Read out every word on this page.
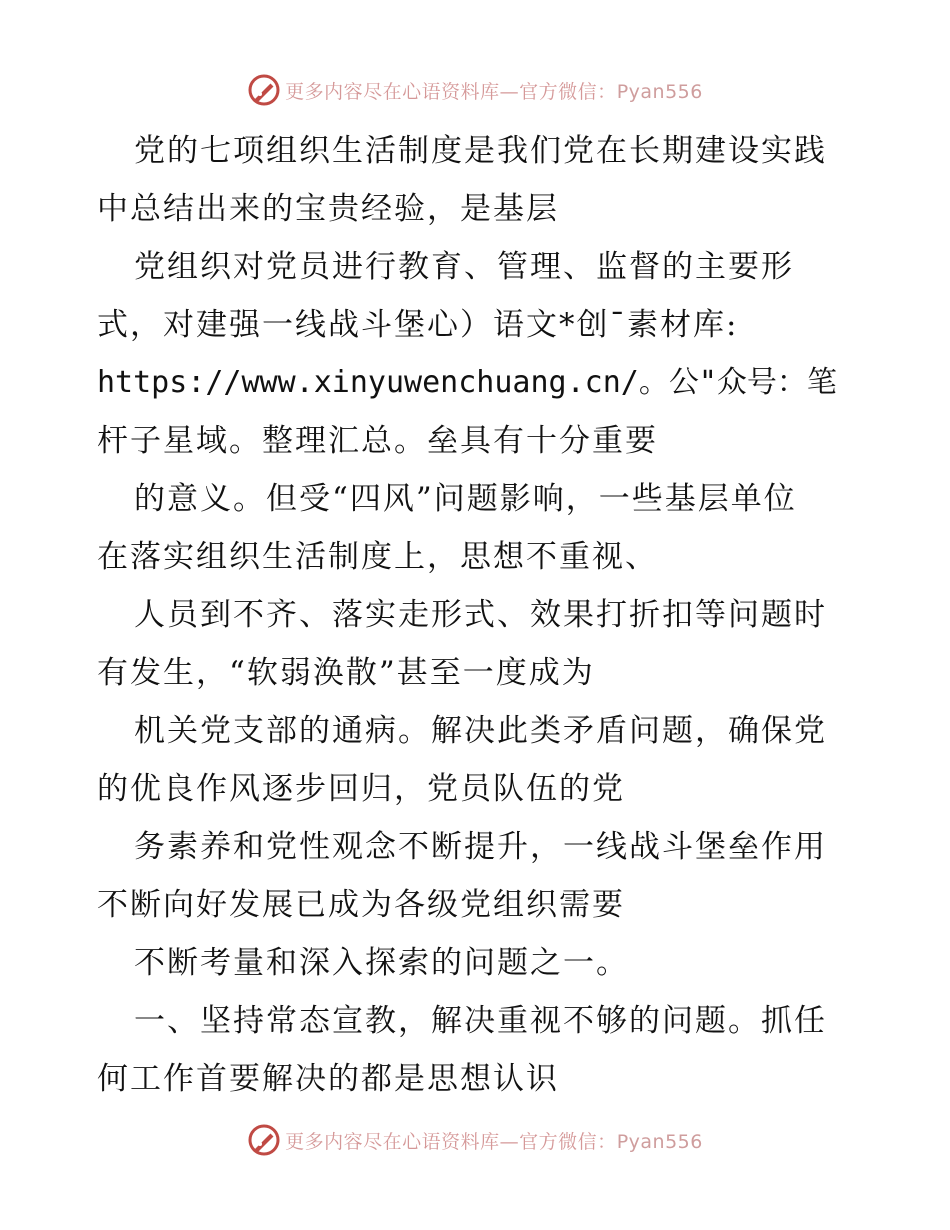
更多内容尽在心语资料库—官方微信：Pyan556
党的七项组织生活制度是我们党在长期建设实践
中总结出来的宝贵经验，是基层
党组织对党员进行教育、管理、监督的主要形
式，对建强一线战斗堡心）语文*创¯素材库:
https://www.xinyuwenchuang.cn/。公"众号：笔
杆子星域。整理汇总。垒具有十分重要
的意义。但受“四风”问题影响，一些基层单位
在落实组织生活制度上，思想不重视、
人员到不齐、落实走形式、效果打折扣等问题时
有发生，“软弱涣散”甚至一度成为
机关党支部的通病。解决此类矛盾问题，确保党
的优良作风逐步回归，党员队伍的党
务素养和党性观念不断提升，一线战斗堡垒作用
不断向好发展已成为各级党组织需要
不断考量和深入探索的问题之一。
一、坚持常态宣教，解决重视不够的问题。抓任
何工作首要解决的都是思想认识
更多内容尽在心语资料库—官方微信：Pyan556
